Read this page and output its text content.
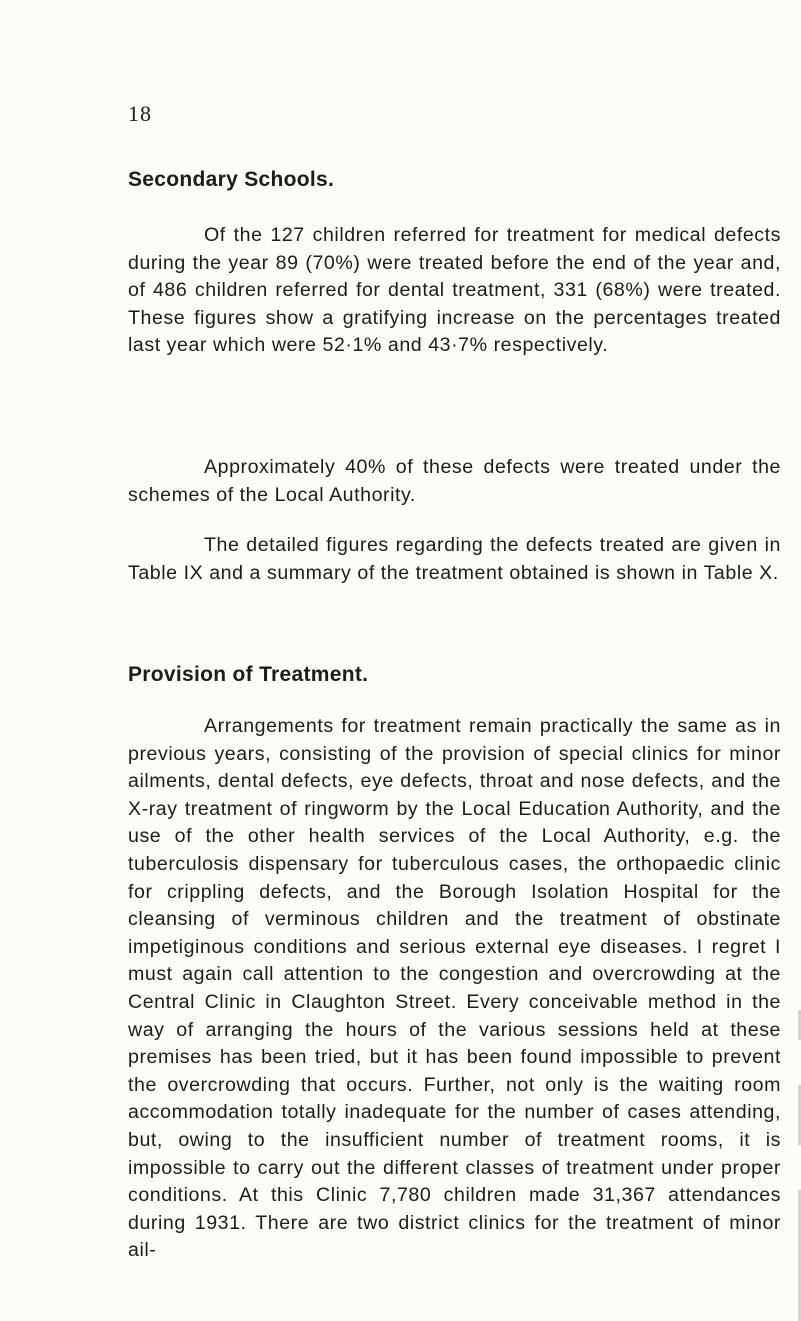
18
Secondary Schools.

Of the 127 children referred for treatment for medical defects during the year 89 (70%) were treated before the end of the year and, of 486 children referred for dental treatment, 331 (68%) were treated. These figures show a gratifying increase on the percentages treated last year which were 52·1% and 43·7% respectively.

Approximately 40% of these defects were treated under the schemes of the Local Authority.

The detailed figures regarding the defects treated are given in Table IX and a summary of the treatment obtained is shown in Table X.

Provision of Treatment.

Arrangements for treatment remain practically the same as in previous years, consisting of the provision of special clinics for minor ailments, dental defects, eye defects, throat and nose defects, and the X-ray treatment of ringworm by the Local Education Authority, and the use of the other health services of the Local Authority, e.g. the tuberculosis dispensary for tuberculous cases, the orthopaedic clinic for crippling defects, and the Borough Isolation Hospital for the cleansing of verminous children and the treatment of obstinate impetiginous conditions and serious external eye diseases. I regret I must again call attention to the congestion and overcrowding at the Central Clinic in Claughton Street. Every conceivable method in the way of arranging the hours of the various sessions held at these premises has been tried, but it has been found impossible to prevent the overcrowding that occurs. Further, not only is the waiting room accommodation totally inadequate for the number of cases attending, but, owing to the insufficient number of treatment rooms, it is impossible to carry out the different classes of treatment under proper conditions. At this Clinic 7,780 children made 31,367 attendances during 1931. There are two district clinics for the treatment of minor ail-
